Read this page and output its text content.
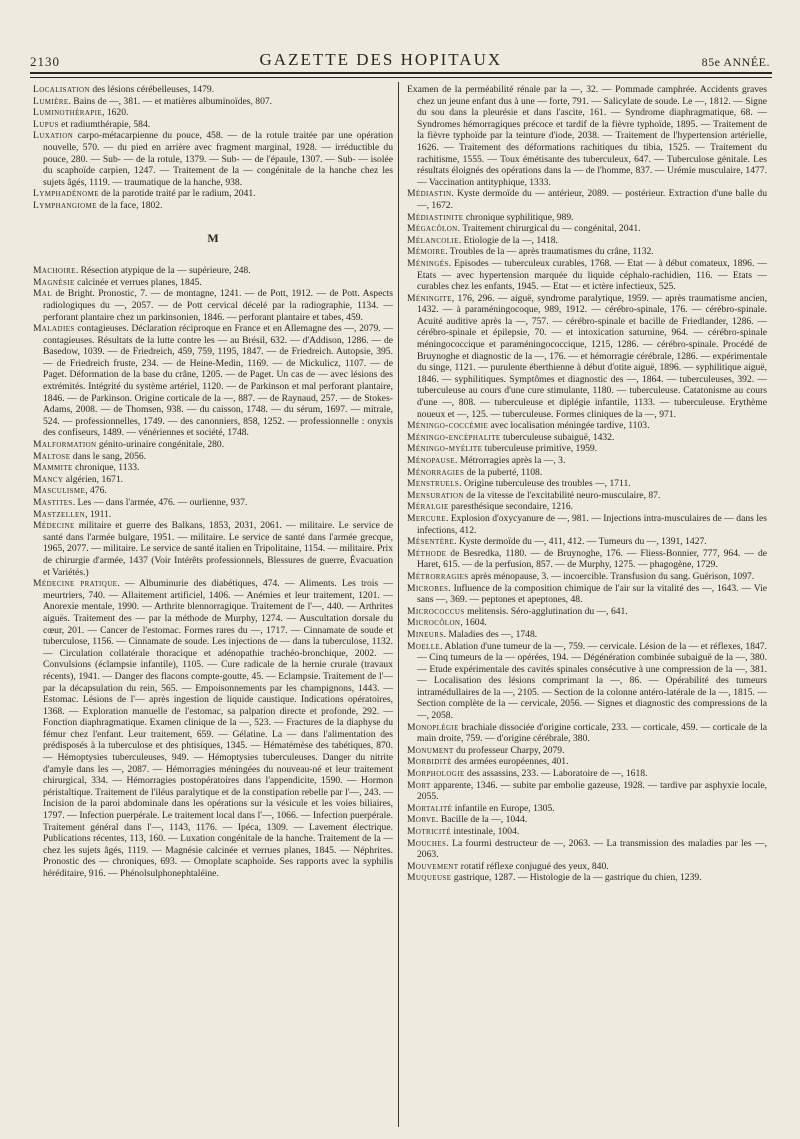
2130	GAZETTE DES HOPITAUX	85e ANNÉE.

Localisation des lésions cérébelleuses, 1479.

Lumière. Bains de —, 381. — et matières albuminoïdes, 807.

Luminothérapie, 1620.

Lupus et radiumthérapie, 584.

Luxation carpo-métacarpienne du pouce, 458. — de la rotule traitée par une opération nouvelle, 570. — du pied en arrière avec fragment marginal, 1928. — irréductible du pouce, 280. — Sub- — de la rotule, 1379. — Sub- — de l'épaule, 1307. — Sub- — isolée du scaphoïde carpien, 1247. — Traitement de la — congénitale de la hanche chez les sujets âgés, 1119. — traumatique de la hanche, 938.

Lymphadénome de la parotide traité par le radium, 2041.

Lymphangiome de la face, 1802.

M

Machoire. Résection atypique de la — supérieure, 248.

Magnésie calcinée et verrues planes, 1845.

Mal de Bright. Pronostic, 7. — de montagne, 1241. — de Pott, 1912. — de Pott. Aspects radiologiques du —, 2057. — de Pott cervical décelé par la radiographie, 1134. — perforant plantaire chez un parkinsonien, 1846. — perforant plantaire et tabes, 459.

Maladies contagieuses. Déclaration réciproque en France et en Allemagne des —, 2079. — contagieuses. Résultats de la lutte contre les — au Brésil, 632. — d'Addison, 1286. — de Basedow, 1039. — de Friedreich, 459, 759, 1195, 1847. — de Friedreich. Autopsie, 395. — de Friedreich fruste, 234. — de Heine-Medin, 1169. — de Mickulicz, 1107. — de Paget. Déformation de la base du crâne, 1205. — de Paget. Un cas de — avec lésions des extrémités. Intégrité du système artériel, 1120. — de Parkinson et mal perforant plantaire, 1846. — de Parkinson. Origine corticale de la —, 887. — de Raynaud, 257. — de Stokes-Adams, 2008. — de Thomsen, 938. — du caisson, 1748. — du sérum, 1697. — mitrale, 524. — professionnelles, 1749. — des canonniers, 858, 1252. — professionnelle : onyxis des confiseurs, 1489. — vénériennes et société, 1748.

Malformation génito-urinaire congénitale, 280.

Maltose dans le sang, 2056.

Mammite chronique, 1133.

Mancy algérien, 1671.

Masculisme, 476.

Mastites. Les — dans l'armée, 476. — ourlienne, 937.

Mastzellen, 1911.

Médecine militaire et guerre des Balkans, 1853, 2031, 2061. — militaire. Le service de santé dans l'armée bulgare, 1951. — militaire. Le service de santé dans l'armée grecque, 1965, 2077. — militaire. Le service de santé italien en Tripolitaine, 1154. — militaire. Prix de chirurgie d'armée, 1437 (Voir Intérêts professionnels, Blessures de guerre, Évacuation et Variétés.)

Médecine pratique. — Albuminurie des diabétiques, 474. — Aliments. Les trois — meurtriers, 740. — Allaitement artificiel, 1406. — Anémies et leur traitement, 1201. — Anorexie mentale, 1990. — Arthrite blennorragique. Traitement de l'—, 440. — Arthrites aiguës. Traitement des — par la méthode de Murphy, 1274. — Auscultation dorsale du cœur, 201. — Cancer de l'estomac. Formes rares du —, 1717. — Cinnamate de soude et tuberculose, 1156. — Cinnamate de soude. Les injections de — dans la tuberculose, 1132. — Circulation collatérale thoracique et adénopathie trachéo-bronchique, 2002. — Convulsions (éclampsie infantile), 1105. — Cure radicale de la hernie crurale (travaux récents), 1941. — Danger des flacons compte-goutte, 45. — Eclampsie. Traitement de l'— par la décapsulation du rein, 565. — Empoisonnements par les champignons, 1443. — Estomac. Lésions de l'— après ingestion de liquide caustique. Indications opératoires, 1368. — Exploration manuelle de l'estomac, sa palpation directe et profonde, 292. — Fonction diaphragmatique. Examen clinique de la —, 523. — Fractures de la diaphyse du fémur chez l'enfant. Leur traitement, 659. — Gélatine. La — dans l'alimentation des prédisposés à la tuberculose et des phtisiques, 1345. — Hématémèse des tabétiques, 870. — Hémoptysies tuberculeuses, 949. — Hémoptysies tuberculeuses. Danger du nitrite d'amyle dans les —, 2087. — Hémorragies méningées du nouveau-né et leur traitement chirurgical, 334. — Hémorragies postopératoires dans l'appendicite, 1590. — Hormon péristaltique. Traitement de l'iléus paralytique et de la constipation rebelle par l'—, 243. — Incision de la paroi abdominale dans les opérations sur la vésicule et les voies biliaires, 1797. — Infection puerpérale. Le traitement local dans l'—, 1066. — Infection puerpérale. Traitement général dans l'—, 1143, 1176. — Ipéca, 1309. — Lavement électrique. Publications récentes, 113, 160. — Luxation congénitale de la hanche. Traitement de la — chez les sujets âgés, 1119. — Magnésie calcinée et verrues planes, 1845. — Néphrites. Pronostic des — chroniques, 693. — Omoplate scaphoïde. Ses rapports avec la syphilis héréditaire, 916. — Phénolsulphonephtaléine.

Examen de la perméabilité rénale par la —, 32. — Pommade camphrée. Accidents graves chez un jeune enfant dus à une — forte, 791. — Salicylate de soude. Le —, 1812. — Signe du sou dans la pleurésie et dans l'ascite, 161. — Syndrome diaphragmatique, 68. — Syndromes hémorragiques précoce et tardif de la fièvre typhoïde, 1895. — Traitement de la fièvre typhoïde par la teinture d'iode, 2038. — Traitement de l'hypertension artérielle, 1626. — Traitement des déformations rachitiques du tibia, 1525. — Traitement du rachitisme, 1555. — Toux émétisante des tuberculeux, 647. — Tuberculose génitale. Les résultats éloignés des opérations dans la — de l'homme, 837. — Urémie musculaire, 1477. — Vaccination antityphique, 1333.

Médiastin. Kyste dermoïde du — antérieur, 2089. — postérieur. Extraction d'une balle du —, 1672.

Médiastinite chronique syphilitique, 989.

Mégacôlon. Traitement chirurgical du — congénital, 2041.

Mélancolie. Etiologie de la —, 1418.

Mémoire. Troubles de la — après traumatismes du crâne, 1132.

Méningés. Episodes — tuberculeux curables, 1768. — Etat — à début comateux, 1896. — Etats — avec hypertension marquée du liquide céphalo-rachidien, 116. — Etats — curables chez les enfants, 1945. — Etat — et ictère infectieux, 525.

Méningite, 176, 296. — aiguë, syndrome paralytique, 1959. — après traumatisme ancien, 1432. — à paraméningocoque, 989, 1912. — cérébro-spinale, 176. — cérébro-spinale. Acuité auditive après la —, 757. — cérébro-spinale et bacille de Friedlander, 1286. — cérébro-spinale et épilepsie, 70. — et intoxication saturnine, 964. — cérébro-spinale méningococcique et paraméningococcique, 1215, 1286. — cérébro-spinale. Procédé de Bruynoghe et diagnostic de la —, 176. — et hémorragie cérébrale, 1286. — expérimentale du singe, 1121. — purulente éberthienne à début d'otite aiguë, 1896. — syphilitique aiguë, 1846. — syphilitiques. Symptômes et diagnostic des —, 1864. — tuberculeuses, 392. — tuberculeuse au cours d'une cure stimulante, 1180. — tuberculeuse. Catatonisme au cours d'une —, 808. — tuberculeuse et diplégie infantile, 1133. — tuberculeuse. Erythème noueux et —, 125. — tuberculeuse. Formes cliniques de la —, 971.

Méningo-coccémie avec localisation méningée tardive, 1103.

Méningo-encéphalite tuberculeuse subaiguë, 1432.

Méningo-myélite tuberculeuse primitive, 1959.

Ménopause. Métrorragies après la —, 3.

Ménorragies de la puberté, 1108.

Menstruels. Origine tuberculeuse des troubles —, 1711.

Mensuration de la vitesse de l'excitabilité neuro-musculaire, 87.

Méralgie paresthésique secondaire, 1216.

Mercure. Explosion d'oxycyanure de —, 981. — Injections intra-musculaires de — dans les infections, 412.

Mésentère. Kyste dermoïde du —, 411, 412. — Tumeurs du —, 1391, 1427.

Méthode de Besredka, 1180. — de Bruynoghe, 176. — Fliess-Bonnier, 777, 964. — de Haret, 615. — de la perfusion, 857. — de Murphy, 1275. — phagogène, 1729.

Métrorragies après ménopause, 3. — incoercible. Transfusion du sang. Guérison, 1097.

Microbes. Influence de la composition chimique de l'air sur la vitalité des —, 1643. — Vie sans —, 369. — peptones et apeptones, 48.

Micrococcus melitensis. Séro-agglutination du —, 641.

Microcôlon, 1604.

Mineurs. Maladies des —, 1748.

Moelle. Ablation d'une tumeur de la —, 759. — cervicale. Lésion de la — et réflexes, 1847. — Cinq tumeurs de la — opérées, 194. — Dégénération combinée subaiguë de la —, 380. — Etude expérimentale des cavités spinales consécutive à une compression de la —, 381. — Localisation des lésions comprimant la —, 86. — Opérabilité des tumeurs intramédullaires de la —, 2105. — Section de la colonne antéro-latérale de la —, 1815. — Section complète de la — cervicale, 2056. — Signes et diagnostic des compressions de la —, 2058.

Monoplégie brachiale dissociée d'origine corticale, 233. — corticale, 459. — corticale de la main droite, 759. — d'origine cérébrale, 380.

Monument du professeur Charpy, 2079.

Morbidité des armées européennes, 401.

Morphologie des assassins, 233. — Laboratoire de —, 1618.

Mort apparente, 1346. — subite par embolie gazeuse, 1928. — tardive par asphyxie locale, 2055.

Mortalité infantile en Europe, 1305.

Morve. Bacille de la —, 1044.

Motricité intestinale, 1004.

Mouches. La fourmi destructeur de —, 2063. — La transmission des maladies par les —, 2063.

Mouvement rotatif réflexe conjugué des yeux, 840.

Muqueuse gastrique, 1287. — Histologie de la — gastrique du chien, 1239.
